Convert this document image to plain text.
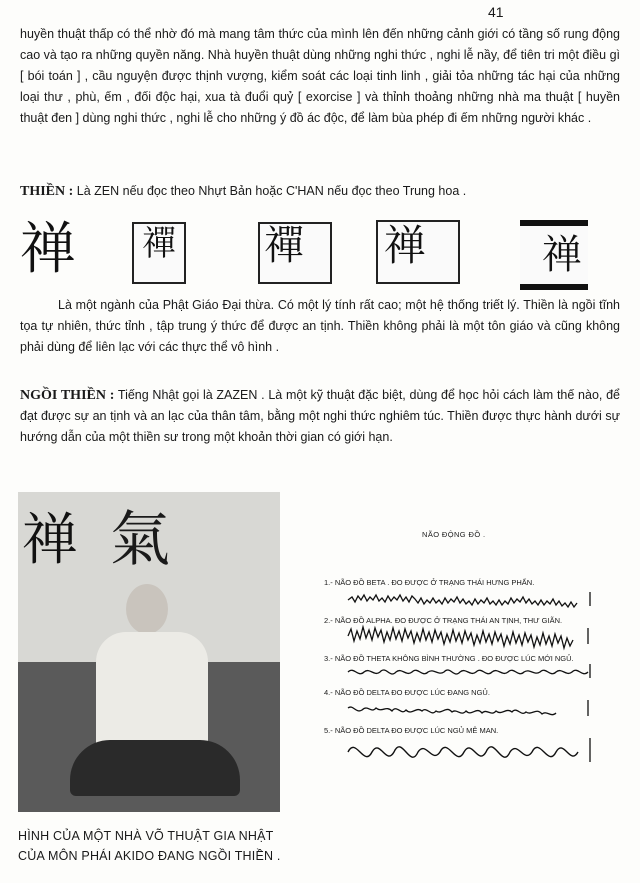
41

huyền thuật thấp có thể nhờ đó mà mang tâm thức của mình lên đến những cảnh giới có tầng số rung động cao và tạo ra những quyền năng. Nhà huyền thuật dùng những nghi thức , nghi lễ nầy, để tiên tri một điều gì [ bói toán ] , cầu nguyện được thịnh vượng, kiểm soát các loại tinh linh , giải tỏa những tác hại của những loại thư , phù, ếm , đối độc hại, xua tà đuổi quỷ [ exorcise ] và thỉnh thoảng những nhà ma thuật [ huyền thuật đen ] dùng nghi thức , nghi lễ cho những ý đồ ác độc, để làm bùa phép đi ếm những người khác .

THIỀN : Là ZEN nếu đọc theo Nhựt Bản hoặc C'HAN nếu đọc theo Trung hoa .

禅 禪 禪	禅	禅

Là một ngành của Phật Giáo Đại thừa. Có một lý tính rất cao; một hệ thống triết lý. Thiền là ngồi tĩnh tọa tự nhiên, thức tỉnh , tập trung ý thức để được an tịnh. Thiền không phải là một tôn giáo và cũng không phải dùng để liên lạc với các thực thể vô hình .

NGỒI THIỀN : Tiếng Nhật gọi là ZAZEN . Là một kỹ thuật đặc biệt, dùng để học hỏi cách làm thế nào, để đạt được sự an tịnh và an lạc của thân tâm, bằng một nghi thức nghiêm túc. Thiền được thực hành dưới sự hướng dẫn của một thiền sư trong một khoản thời gian có giới hạn.

禅 氣

HÌNH CỦA MỘT NHÀ VÕ THUẬT GIA NHẬT
CỦA MÔN PHÁI AKIDO ĐANG NGỒI THIỀN .

NÃO ĐỘNG ĐỒ .
1.- NÃO ĐỒ BETA . ĐO ĐƯỢC Ở TRẠNG THÁI HƯNG PHẤN.
2.- NÃO ĐỒ ALPHA. ĐO ĐƯỢC Ở TRẠNG THÁI AN TỊNH, THƯ GIÃN.
3.- NÃO ĐỒ THETA KHÔNG BÌNH THƯỜNG . ĐO ĐƯỢC LÚC MỚI NGỦ.
4.- NÃO ĐỒ DELTA ĐO ĐƯỢC LÚC ĐANG NGỦ.
5.- NÃO ĐỒ DELTA ĐO ĐƯỢC LÚC NGỦ MÊ MAN.
